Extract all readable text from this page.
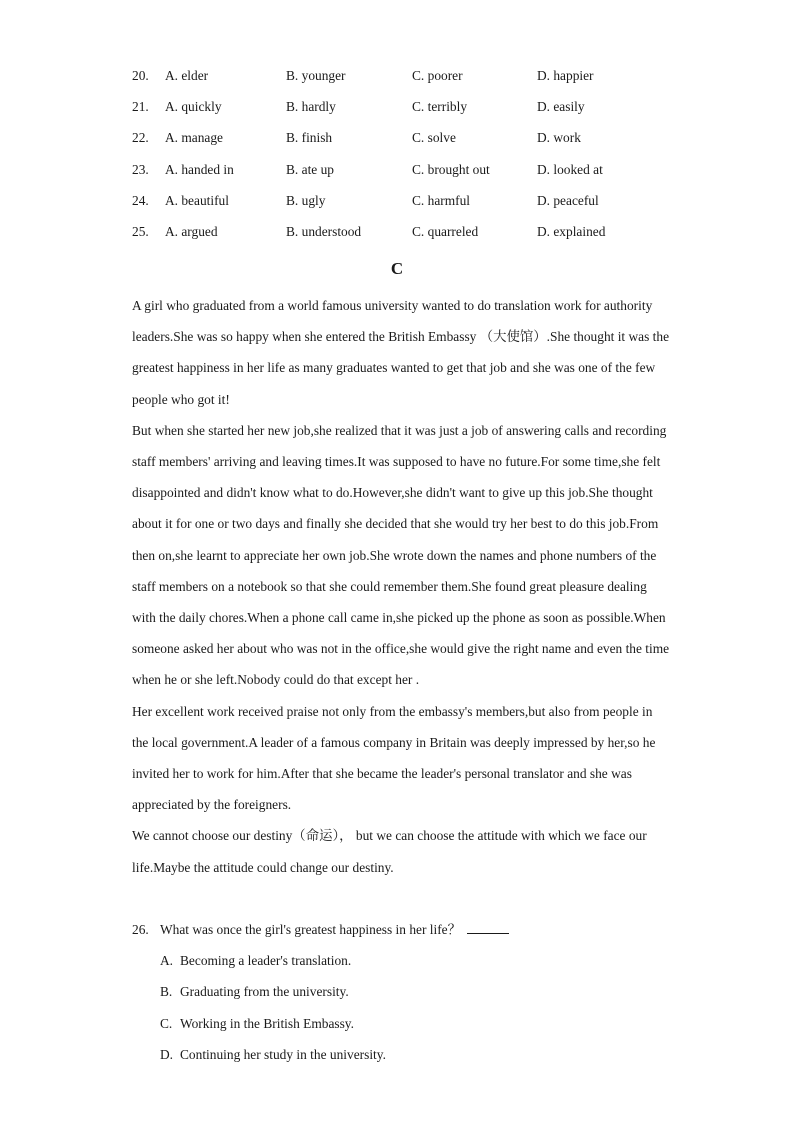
20. A. elder	B. younger	C. poorer	D. happier
21. A. quickly	B. hardly	C. terribly	D. easily
22. A. manage	B. finish	C. solve	D. work
23. A. handed in	B. ate up	C. brought out	D. looked at
24. A. beautiful	B. ugly	C. harmful	D. peaceful
25. A. argued	B. understood	C. quarreled	D. explained
C

A girl who graduated from a world famous university wanted to do translation work for authority leaders.She was so happy when she entered the British Embassy （大使馆）.She thought it was the greatest happiness in her life as many graduates wanted to get that job and she was one of the few people who got it!

But when she started her new job,she realized that it was just a job of answering calls and recording staff members' arriving and leaving times.It was supposed to have no future.For some time,she felt disappointed and didn't know what to do.However,she didn't want to give up this job.She thought about it for one or two days and finally she decided that she would try her best to do this job.From then on,she learnt to appreciate her own job.She wrote down the names and phone numbers of the staff members on a notebook so that she could remember them.She found great pleasure dealing with the daily chores.When a phone call came in,she picked up the phone as soon as possible.When someone asked her about who was not in the office,she would give the right name and even the time when he or she left.Nobody could do that except her .

Her excellent work received praise not only from the embassy's members,but also from people in the local government.A leader of a famous company in Britain was deeply impressed by her,so he invited her to work for him.After that she became the leader's personal translator and she was appreciated by the foreigners.

We cannot choose our destiny（命运）， but we can choose the attitude with which we face our life.Maybe the attitude could change our destiny.

26. What was once the girl's greatest happiness in her life？

A. Becoming a leader's translation.

B. Graduating from the university.

C. Working in the British Embassy.

D. Continuing her study in the university.
